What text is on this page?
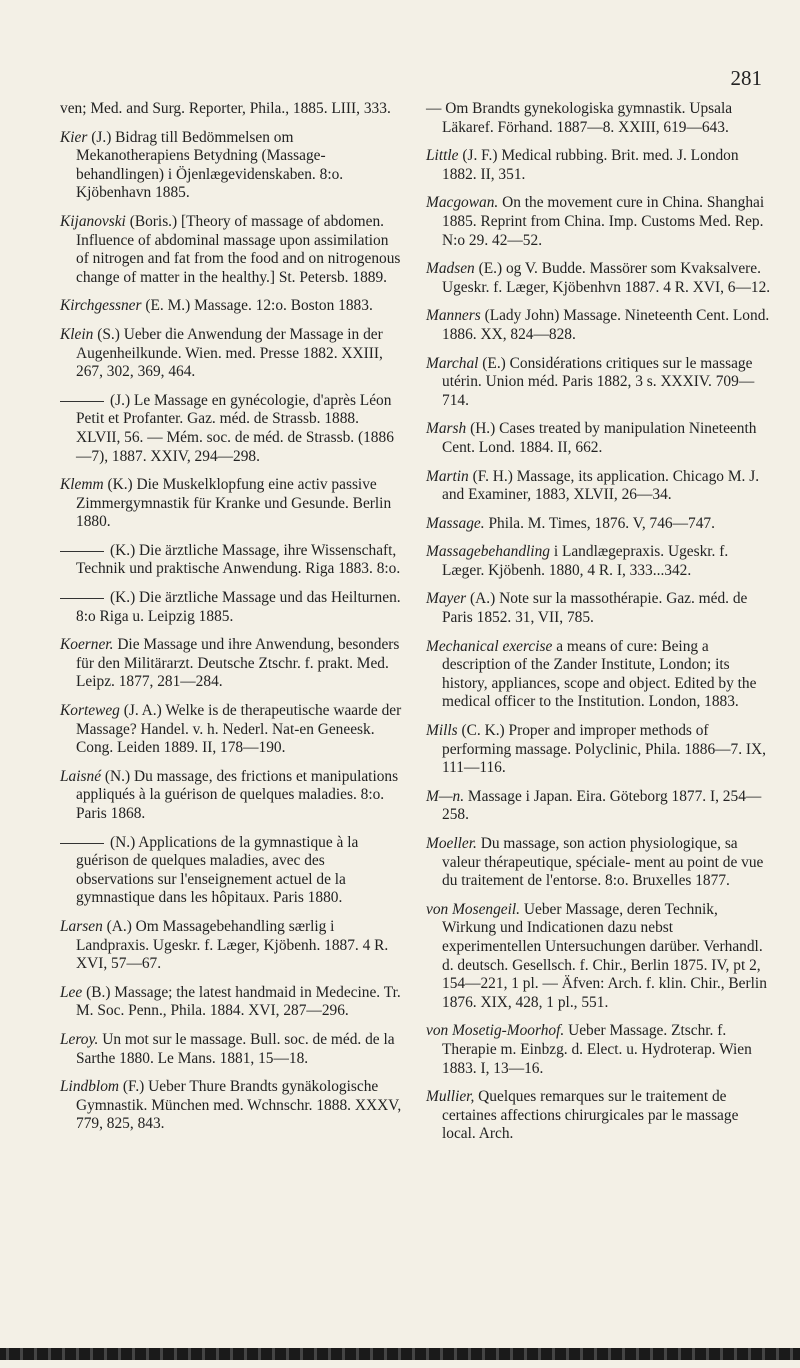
281

ven; Med. and Surg. Reporter, Phila., 1885. LIII, 333.

Kier (J.) Bidrag till Bedömmelsen om Mekanotherapiens Betydning (Massage-behandlingen) i Öjenlægevidenskaben. 8:o. Kjöbenhavn 1885.

Kijanovski (Boris.) [Theory of massage of abdomen. Influence of abdominal massage upon assimilation of nitrogen and fat from the food and on nitrogenous change of matter in the healthy.] St. Petersb. 1889.

Kirchgessner (E. M.) Massage. 12:o. Boston 1883.

Klein (S.) Ueber die Anwendung der Massage in der Augenheilkunde. Wien. med. Presse 1882. XXIII, 267, 302, 369, 464.

(J.) Le Massage en gynécologie, d'après Léon Petit et Profanter. Gaz. méd. de Strassb. 1888. XLVII, 56. — Mém. soc. de méd. de Strassb. (1886—7), 1887. XXIV, 294—298.

Klemm (K.) Die Muskelklopfung eine activ passive Zimmergymnastik für Kranke und Gesunde. Berlin 1880.

(K.) Die ärztliche Massage, ihre Wissenschaft, Technik und praktische Anwendung. Riga 1883. 8:o.

(K.) Die ärztliche Massage und das Heilturnen. 8:o Riga u. Leipzig 1885.

Koerner. Die Massage und ihre Anwendung, besonders für den Militärarzt. Deutsche Ztschr. f. prakt. Med. Leipz. 1877, 281—284.

Korteweg (J. A.) Welke is de therapeutische waarde der Massage? Handel. v. h. Nederl. Nat-en Geneesk. Cong. Leiden 1889. II, 178—190.

Laisné (N.) Du massage, des frictions et manipulations appliqués à la guérison de quelques maladies. 8:o. Paris 1868.

(N.) Applications de la gymnastique à la guérison de quelques maladies, avec des observations sur l'enseignement actuel de la gymnastique dans les hôpitaux. Paris 1880.

Larsen (A.) Om Massagebehandling særlig i Landpraxis. Ugeskr. f. Læger, Kjöbenh. 1887. 4 R. XVI, 57—67.

Lee (B.) Massage; the latest handmaid in Medecine. Tr. M. Soc. Penn., Phila. 1884. XVI, 287—296.

Leroy. Un mot sur le massage. Bull. soc. de méd. de la Sarthe 1880. Le Mans. 1881, 15—18.

Lindblom (F.) Ueber Thure Brandts gynäkologische Gymnastik. München med. Wchnschr. 1888. XXXV, 779, 825, 843.

— Om Brandts gynekologiska gymnastik. Upsala Läkaref. Förhand. 1887—8. XXIII, 619—643.

Little (J. F.) Medical rubbing. Brit. med. J. London 1882. II, 351.

Macgowan. On the movement cure in China. Shanghai 1885. Reprint from China. Imp. Customs Med. Rep. N:o 29. 42—52.

Madsen (E.) og V. Budde. Massörer som Kvaksalvere. Ugeskr. f. Læger, Kjöbenhvn 1887. 4 R. XVI, 6—12.

Manners (Lady John) Massage. Nineteenth Cent. Lond. 1886. XX, 824—828.

Marchal (E.) Considérations critiques sur le massage utérin. Union méd. Paris 1882, 3 s. XXXIV. 709—714.

Marsh (H.) Cases treated by manipulation Nineteenth Cent. Lond. 1884. II, 662.

Martin (F. H.) Massage, its application. Chicago M. J. and Examiner, 1883, XLVII, 26—34.

Massage. Phila. M. Times, 1876. V, 746—747.

Massagebehandling i Landlægepraxis. Ugeskr. f. Læger. Kjöbenh. 1880, 4 R. I, 333...342.

Mayer (A.) Note sur la massothérapie. Gaz. méd. de Paris 1852. 31, VII, 785.

Mechanical exercise a means of cure: Being a description of the Zander Institute, London; its history, appliances, scope and object. Edited by the medical officer to the Institution. London, 1883.

Mills (C. K.) Proper and improper methods of performing massage. Polyclinic, Phila. 1886—7. IX, 111—116.

M—n. Massage i Japan. Eira. Göteborg 1877. I, 254—258.

Moeller. Du massage, son action physiologique, sa valeur thérapeutique, spéciale- ment au point de vue du traitement de l'entorse. 8:o. Bruxelles 1877.

von Mosengeil. Ueber Massage, deren Technik, Wirkung und Indicationen dazu nebst experimentellen Untersuchungen darüber. Verhandl. d. deutsch. Gesellsch. f. Chir., Berlin 1875. IV, pt 2, 154—221, 1 pl. — Äfven: Arch. f. klin. Chir., Berlin 1876. XIX, 428, 1 pl., 551.

von Mosetig-Moorhof. Ueber Massage. Ztschr. f. Therapie m. Einbzg. d. Elect. u. Hydroterap. Wien 1883. I, 13—16.

Mullier, Quelques remarques sur le traitement de certaines affections chirurgicales par le massage local. Arch.
